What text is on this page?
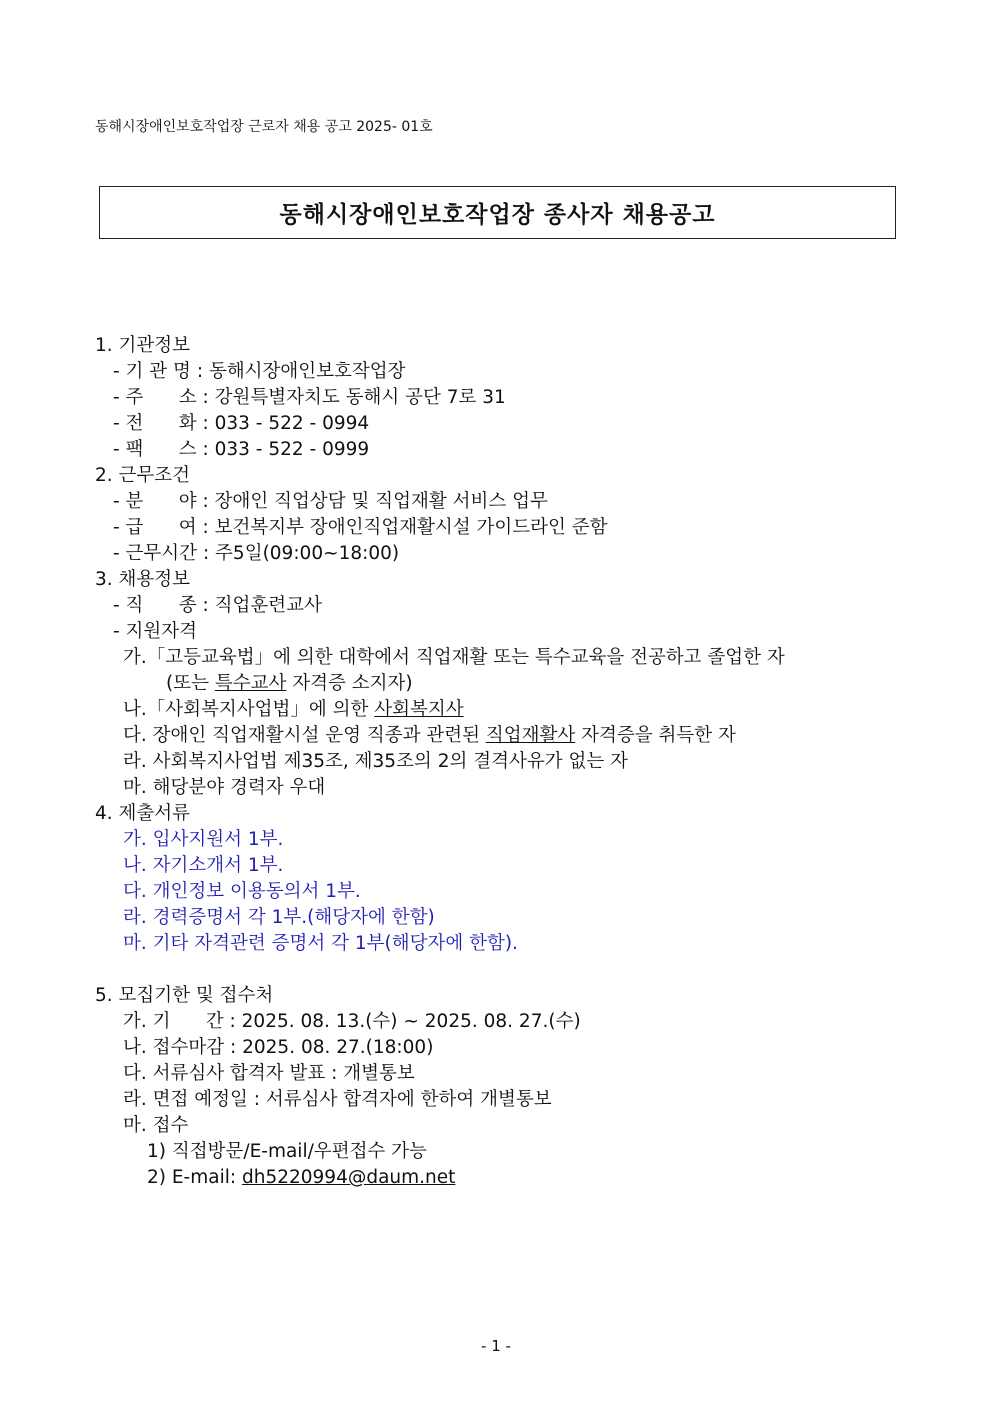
동해시장애인보호작업장 근로자 채용 공고 2025- 01호
동해시장애인보호작업장 종사자 채용공고
1. 기관정보
- 기 관 명 : 동해시장애인보호작업장
- 주      소 : 강원특별자치도 동해시 공단 7로 31
- 전      화 : 033 - 522 - 0994
- 팩      스 : 033 - 522 - 0999
2. 근무조건
- 분      야 : 장애인 직업상담 및 직업재활 서비스 업무
- 급      여 : 보건복지부 장애인직업재활시설 가이드라인 준함
- 근무시간 : 주5일(09:00~18:00)
3. 채용정보
- 직      종 : 직업훈련교사
- 지원자격
가.「고등교육법」에 의한 대학에서 직업재활 또는 특수교육을 전공하고 졸업한 자
(또는 특수교사 자격증 소지자)
나.「사회복지사업법」에 의한 사회복지사
다. 장애인 직업재활시설 운영 직종과 관련된 직업재활사 자격증을 취득한 자
라. 사회복지사업법 제35조, 제35조의 2의 결격사유가 없는 자
마. 해당분야 경력자 우대
4. 제출서류
가. 입사지원서 1부.
나. 자기소개서 1부.
다. 개인정보 이용동의서 1부.
라. 경력증명서 각 1부.(해당자에 한함)
마. 기타 자격관련 증명서 각 1부(해당자에 한함).
5. 모집기한 및 접수처
가. 기      간 : 2025. 08. 13.(수) ~ 2025. 08. 27.(수)
나. 접수마감 : 2025. 08. 27.(18:00)
다. 서류심사 합격자 발표 : 개별통보
라. 면접 예정일 : 서류심사 합격자에 한하여 개별통보
마. 접수
1) 직접방문/E-mail/우편접수 가능
2) E-mail: dh5220994@daum.net
- 1 -
